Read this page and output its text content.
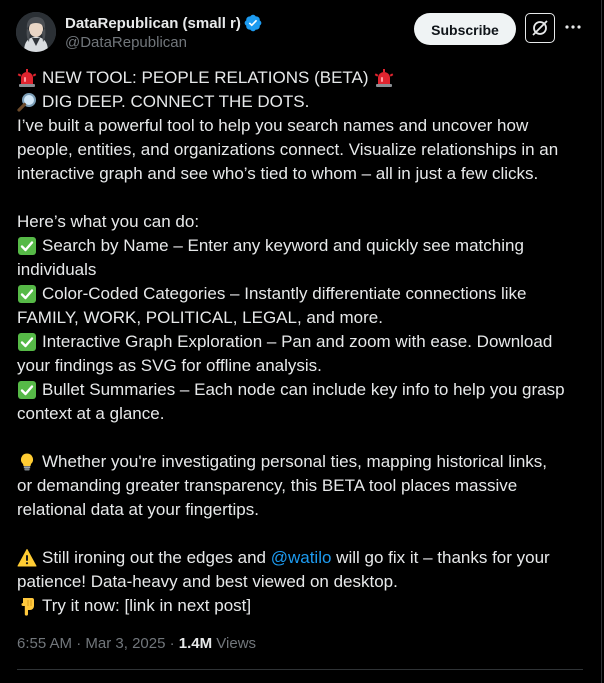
DataRepublican (small r)
@DataRepublican
Subscribe
NEW TOOL: PEOPLE RELATIONS (BETA)
DIG DEEP. CONNECT THE DOTS.
I’ve built a powerful tool to help you search names and uncover how
people, entities, and organizations connect. Visualize relationships in an
interactive graph and see who’s tied to whom – all in just a few clicks.
Here’s what you can do:
Search by Name – Enter any keyword and quickly see matching
individuals
Color-Coded Categories – Instantly differentiate connections like
FAMILY, WORK, POLITICAL, LEGAL, and more.
Interactive Graph Exploration – Pan and zoom with ease. Download
your findings as SVG for offline analysis.
Bullet Summaries – Each node can include key info to help you grasp
context at a glance.
Whether you're investigating personal ties, mapping historical links,
or demanding greater transparency, this BETA tool places massive
relational data at your fingertips.
Still ironing out the edges and @watilo will go fix it – thanks for your
patience! Data-heavy and best viewed on desktop.
Try it now: [link in next post]
6:55 AM · Mar 3, 2025 · 1.4M Views
